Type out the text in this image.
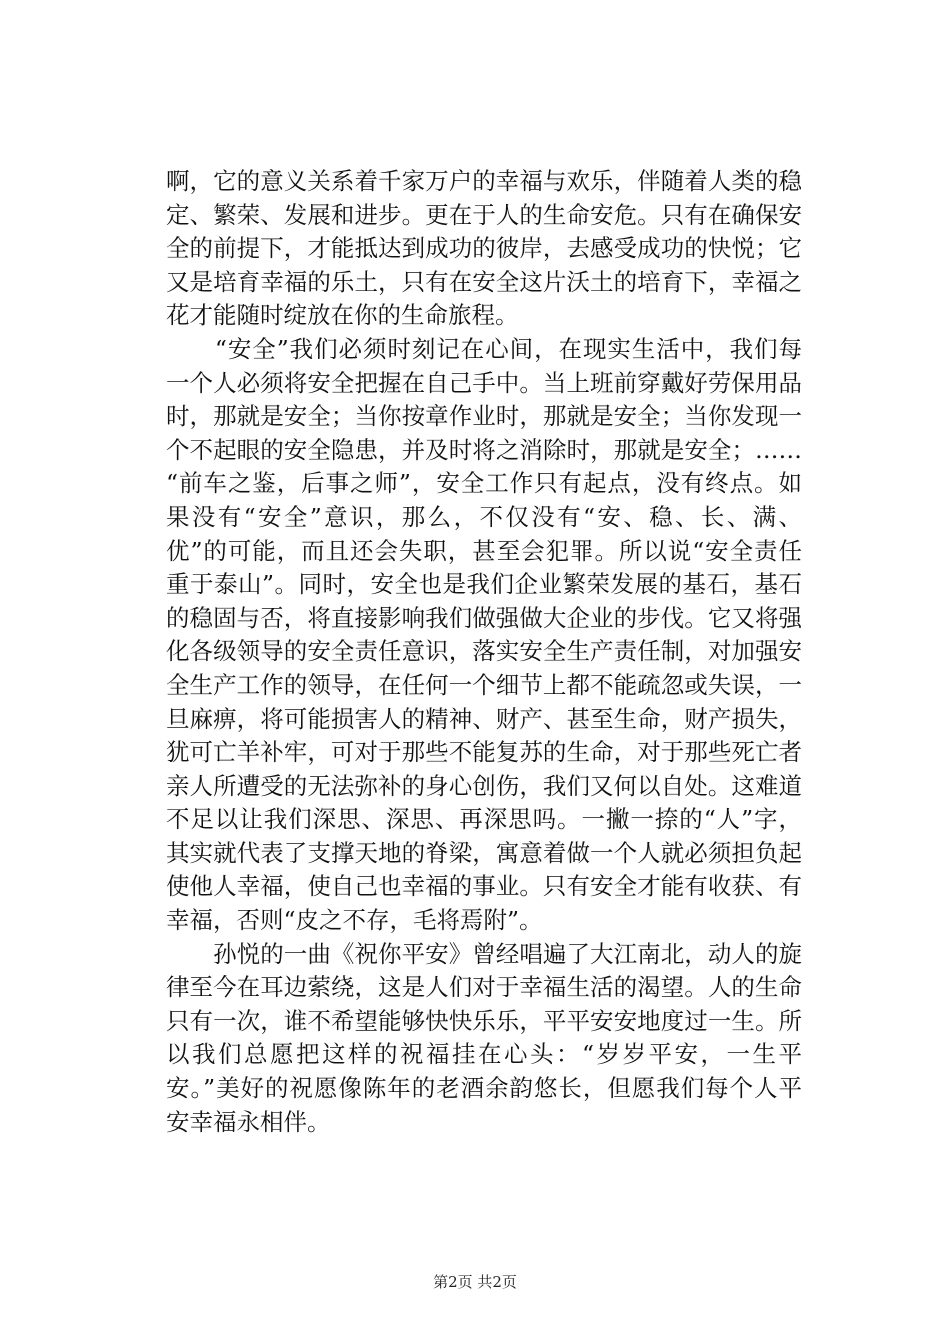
啊，它的意义关系着千家万户的幸福与欢乐，伴随着人类的稳
定、繁荣、发展和进步。更在于人的生命安危。只有在确保安
全的前提下，才能抵达到成功的彼岸，去感受成功的快悦；它
又是培育幸福的乐土，只有在安全这片沃土的培育下，幸福之
花才能随时绽放在你的生命旅程。
　　“安全”我们必须时刻记在心间，在现实生活中，我们每
一个人必须将安全把握在自己手中。当上班前穿戴好劳保用品
时，那就是安全；当你按章作业时，那就是安全；当你发现一
个不起眼的安全隐患，并及时将之消除时，那就是安全；……
“前车之鉴，后事之师”，安全工作只有起点，没有终点。如
果没有“安全”意识，那么，不仅没有“安、稳、长、满、
优”的可能，而且还会失职，甚至会犯罪。所以说“安全责任
重于泰山”。同时，安全也是我们企业繁荣发展的基石，基石
的稳固与否，将直接影响我们做强做大企业的步伐。它又将强
化各级领导的安全责任意识，落实安全生产责任制，对加强安
全生产工作的领导，在任何一个细节上都不能疏忽或失误，一
旦麻痹，将可能损害人的精神、财产、甚至生命，财产损失，
犹可亡羊补牢，可对于那些不能复苏的生命，对于那些死亡者
亲人所遭受的无法弥补的身心创伤，我们又何以自处。这难道
不足以让我们深思、深思、再深思吗。一撇一捺的“人”字，
其实就代表了支撑天地的脊梁，寓意着做一个人就必须担负起
使他人幸福，使自己也幸福的事业。只有安全才能有收获、有
幸福，否则“皮之不存，毛将焉附”。
　　孙悦的一曲《祝你平安》曾经唱遍了大江南北，动人的旋
律至今在耳边萦绕，这是人们对于幸福生活的渴望。人的生命
只有一次，谁不希望能够快快乐乐，平平安安地度过一生。所
以我们总愿把这样的祝福挂在心头：“岁岁平安，一生平
安。”美好的祝愿像陈年的老酒余韵悠长，但愿我们每个人平
安幸福永相伴。
第2页 共2页
